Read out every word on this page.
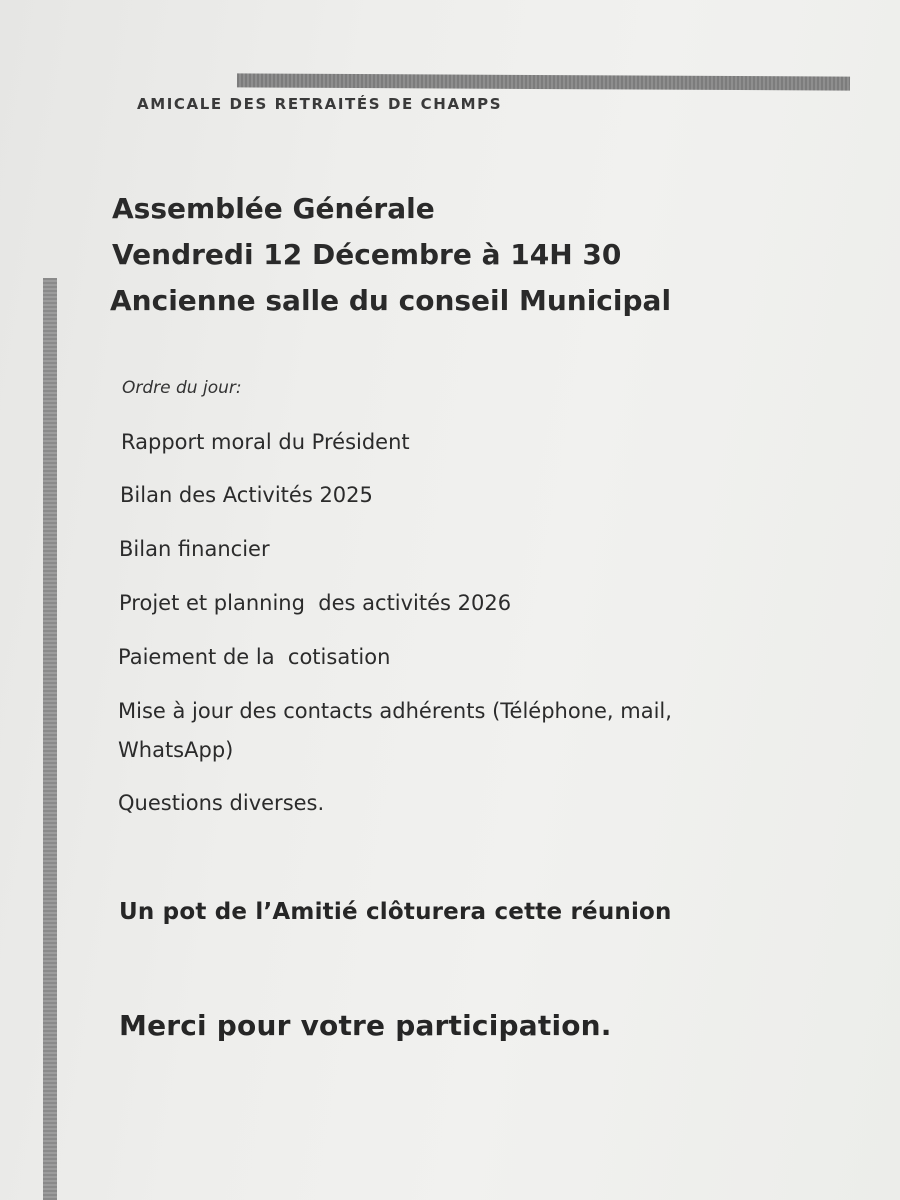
AMICALE DES RETRAITÉS DE CHAMPS
Assemblée Générale
Vendredi 12 Décembre à 14H 30
Ancienne salle du conseil Municipal
Ordre du jour:
Rapport moral du Président
Bilan des Activités 2025
Bilan financier
Projet et planning  des activités 2026
Paiement de la  cotisation
Mise à jour des contacts adhérents (Téléphone, mail,
WhatsApp)
Questions diverses.
Un pot de l’Amitié clôturera cette réunion
Merci pour votre participation.
